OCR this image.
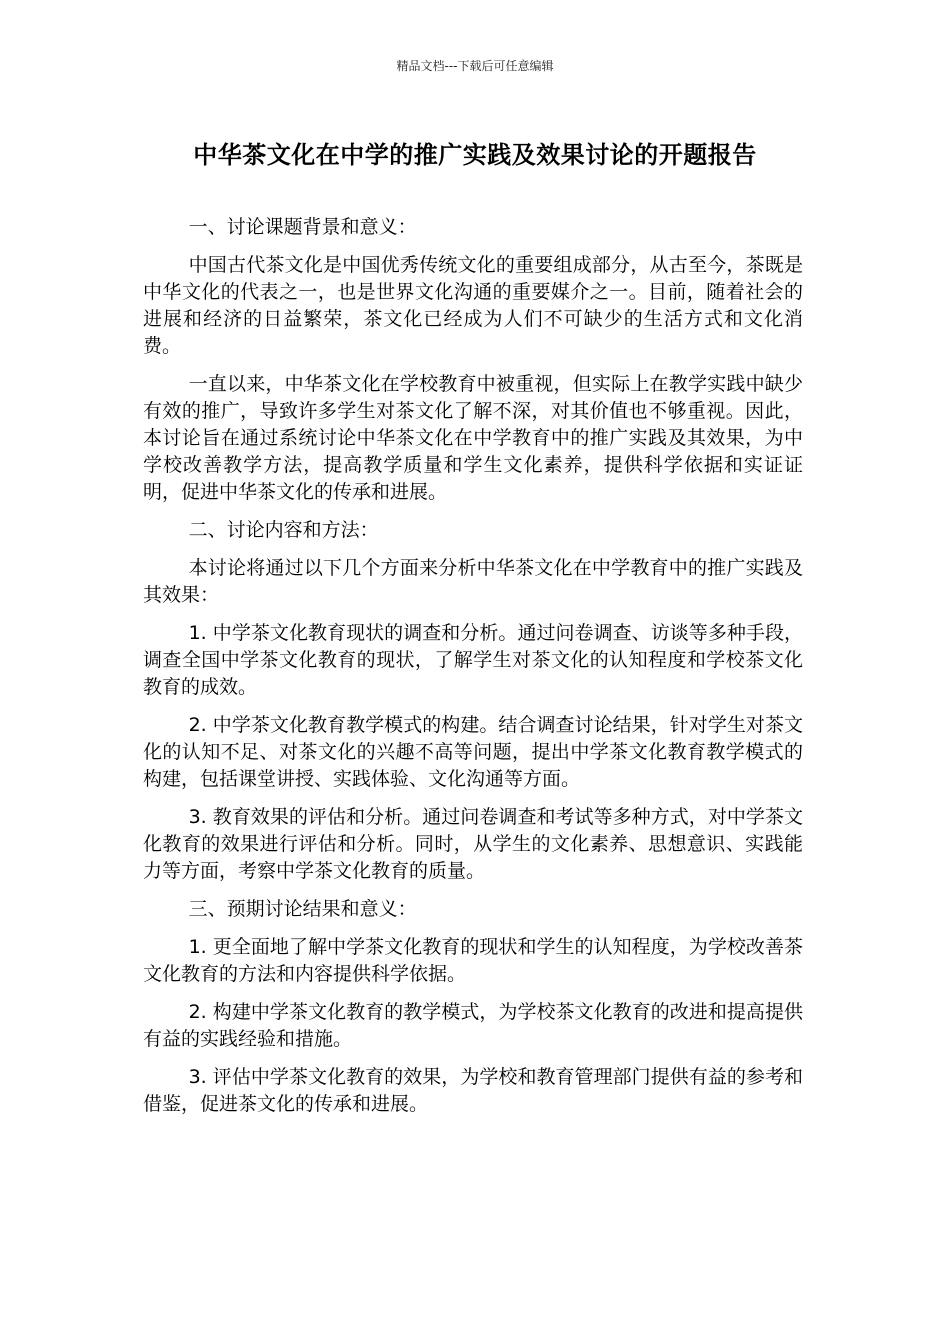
精品文档---下载后可任意编辑
中华茶文化在中学的推广实践及效果讨论的开题报告

一、讨论课题背景和意义：

中国古代茶文化是中国优秀传统文化的重要组成部分，从古至今，茶既是中华文化的代表之一，也是世界文化沟通的重要媒介之一。目前，随着社会的进展和经济的日益繁荣，茶文化已经成为人们不可缺少的生活方式和文化消费。

一直以来，中华茶文化在学校教育中被重视，但实际上在教学实践中缺少有效的推广，导致许多学生对茶文化了解不深，对其价值也不够重视。因此，本讨论旨在通过系统讨论中华茶文化在中学教育中的推广实践及其效果，为中学校改善教学方法，提高教学质量和学生文化素养，提供科学依据和实证证明，促进中华茶文化的传承和进展。

二、讨论内容和方法：

本讨论将通过以下几个方面来分析中华茶文化在中学教育中的推广实践及其效果：

1. 中学茶文化教育现状的调查和分析。通过问卷调查、访谈等多种手段，调查全国中学茶文化教育的现状，了解学生对茶文化的认知程度和学校茶文化教育的成效。

2. 中学茶文化教育教学模式的构建。结合调查讨论结果，针对学生对茶文化的认知不足、对茶文化的兴趣不高等问题，提出中学茶文化教育教学模式的构建，包括课堂讲授、实践体验、文化沟通等方面。

3. 教育效果的评估和分析。通过问卷调查和考试等多种方式，对中学茶文化教育的效果进行评估和分析。同时，从学生的文化素养、思想意识、实践能力等方面，考察中学茶文化教育的质量。

三、预期讨论结果和意义：

1. 更全面地了解中学茶文化教育的现状和学生的认知程度，为学校改善茶文化教育的方法和内容提供科学依据。

2. 构建中学茶文化教育的教学模式，为学校茶文化教育的改进和提高提供有益的实践经验和措施。

3. 评估中学茶文化教育的效果，为学校和教育管理部门提供有益的参考和借鉴，促进茶文化的传承和进展。
